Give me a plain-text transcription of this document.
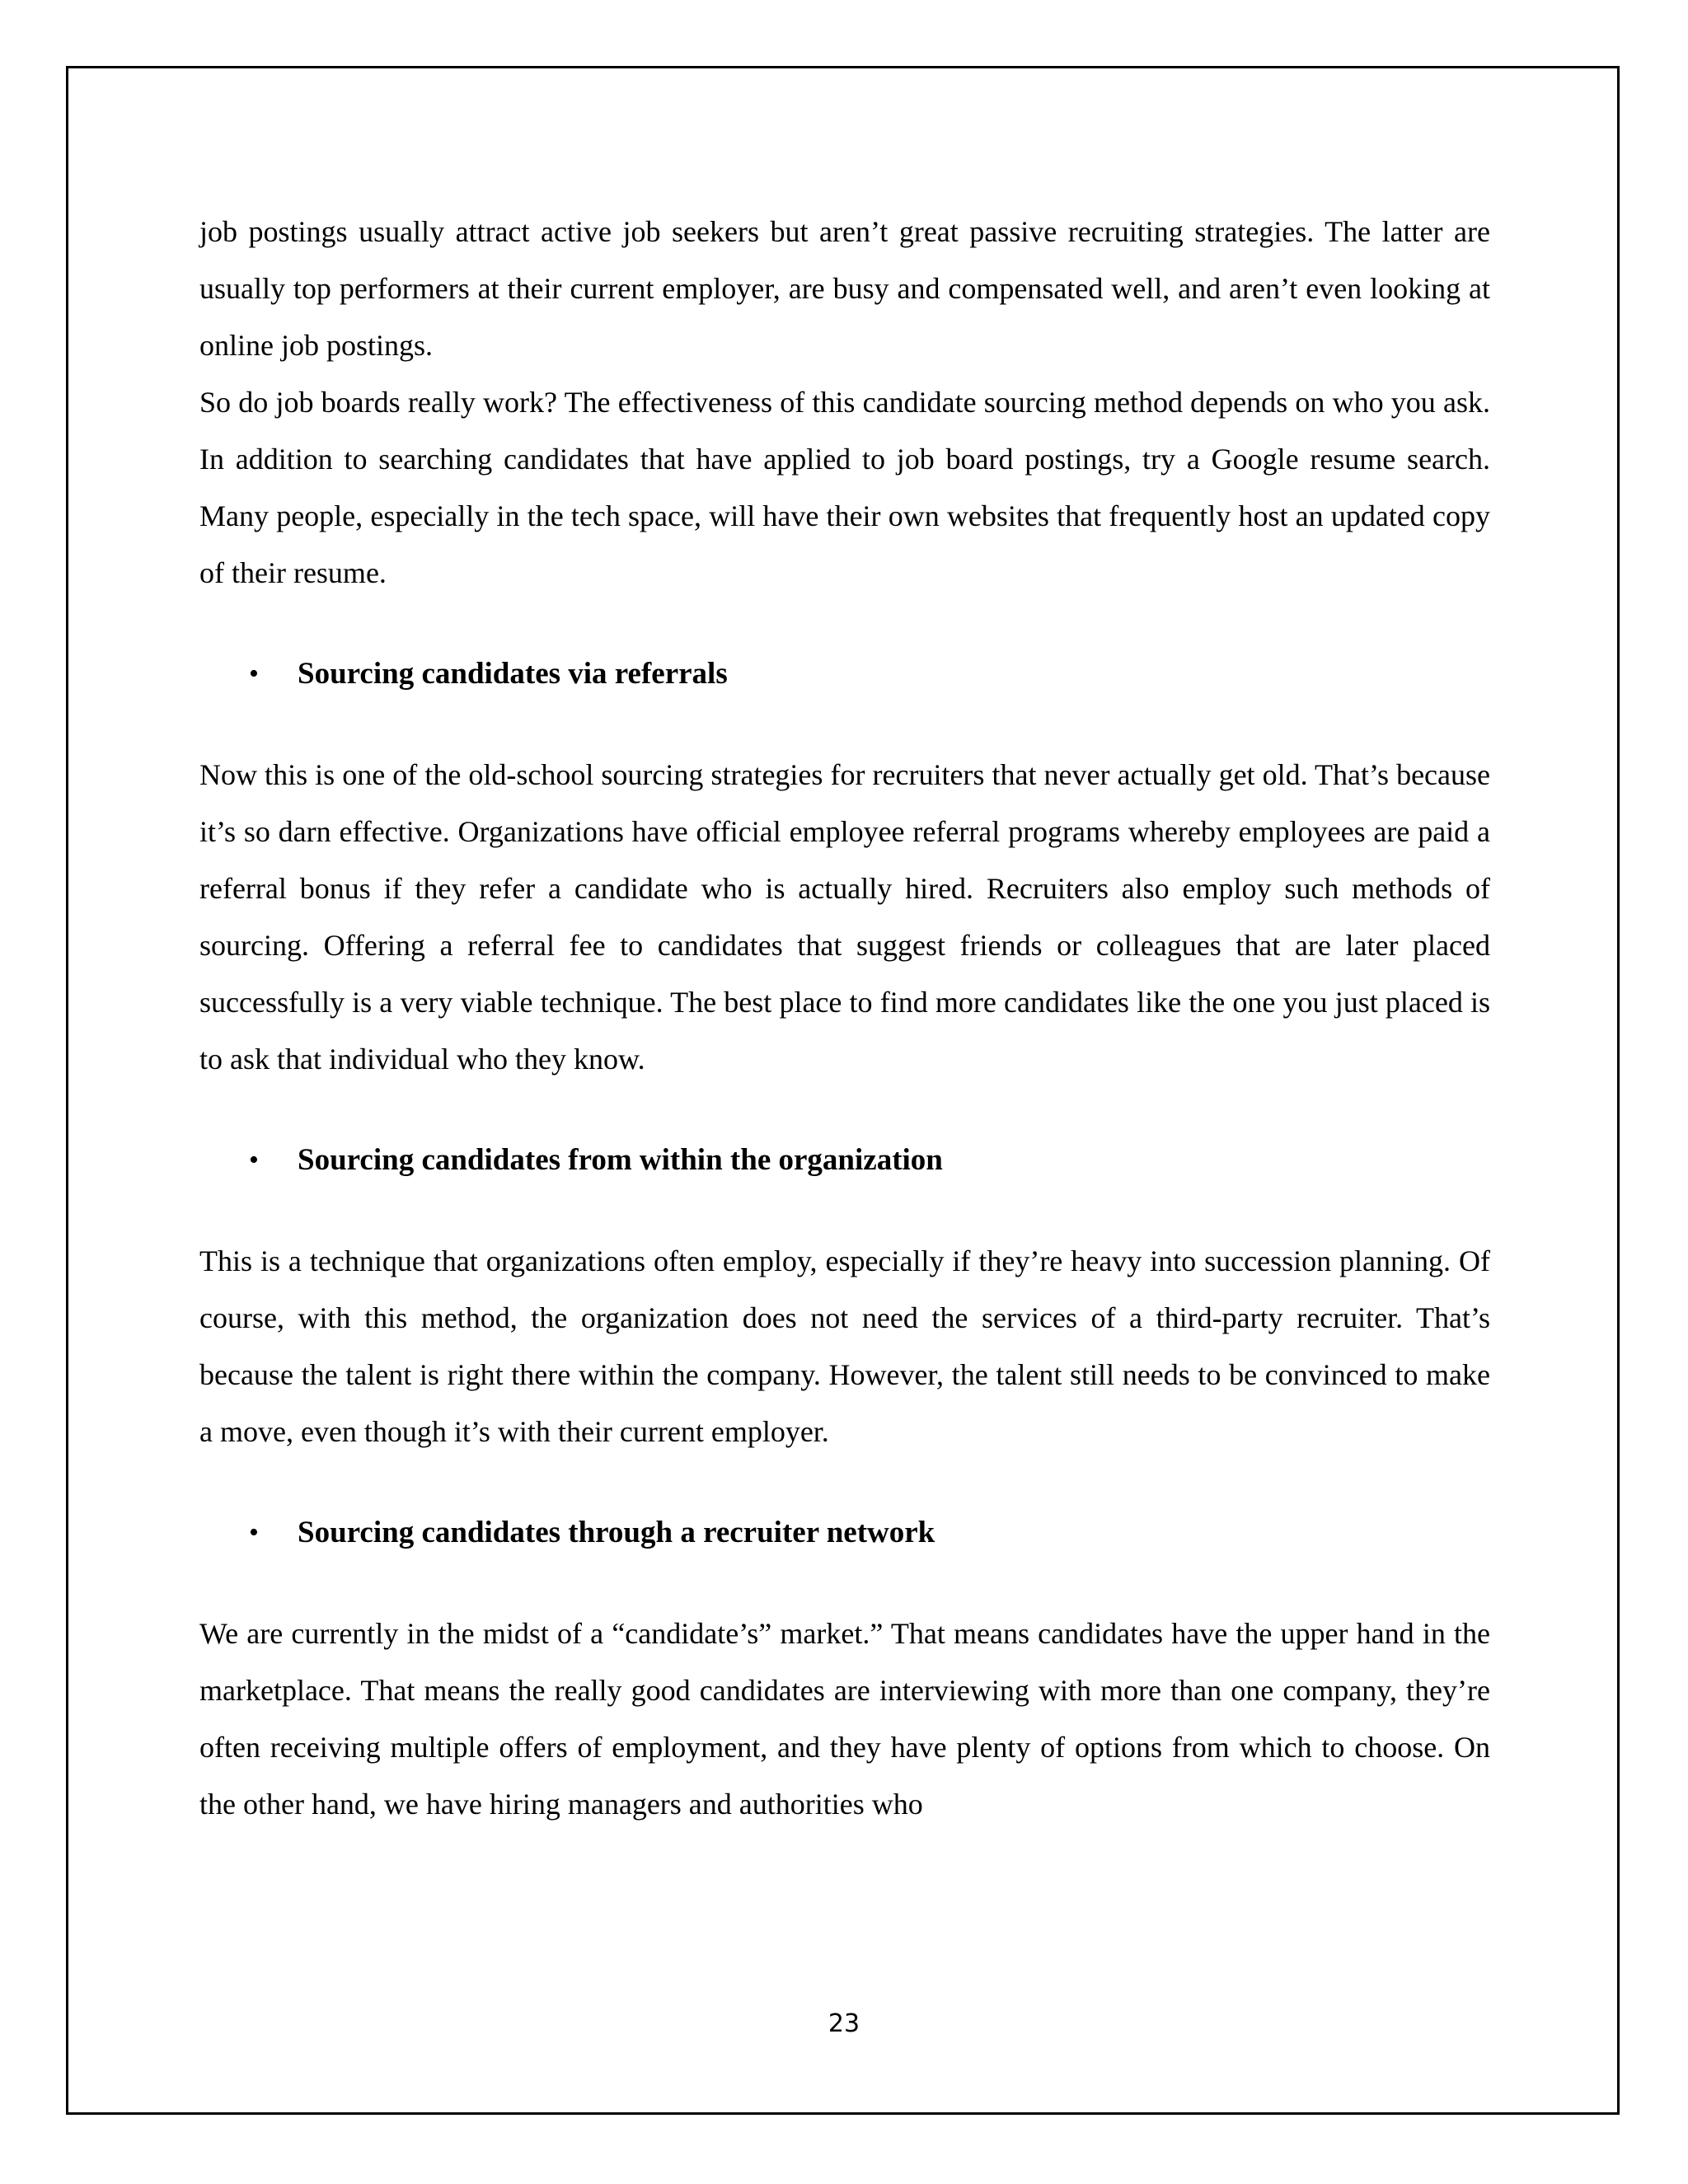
job postings usually attract active job seekers but aren’t great passive recruiting strategies. The latter are usually top performers at their current employer, are busy and compensated well, and aren’t even looking at online job postings.

So do job boards really work? The effectiveness of this candidate sourcing method depends on who you ask. In addition to searching candidates that have applied to job board postings, try a Google resume search. Many people, especially in the tech space, will have their own websites that frequently host an updated copy of their resume.

• Sourcing candidates via referrals

Now this is one of the old-school sourcing strategies for recruiters that never actually get old. That’s because it’s so darn effective. Organizations have official employee referral programs whereby employees are paid a referral bonus if they refer a candidate who is actually hired. Recruiters also employ such methods of sourcing. Offering a referral fee to candidates that suggest friends or colleagues that are later placed successfully is a very viable technique. The best place to find more candidates like the one you just placed is to ask that individual who they know.

• Sourcing candidates from within the organization

This is a technique that organizations often employ, especially if they’re heavy into succession planning. Of course, with this method, the organization does not need the services of a third-party recruiter. That’s because the talent is right there within the company. However, the talent still needs to be convinced to make a move, even though it’s with their current employer.

• Sourcing candidates through a recruiter network

We are currently in the midst of a “candidate’s” market.” That means candidates have the upper hand in the marketplace. That means the really good candidates are interviewing with more than one company, they’re often receiving multiple offers of employment, and they have plenty of options from which to choose. On the other hand, we have hiring managers and authorities who

23
